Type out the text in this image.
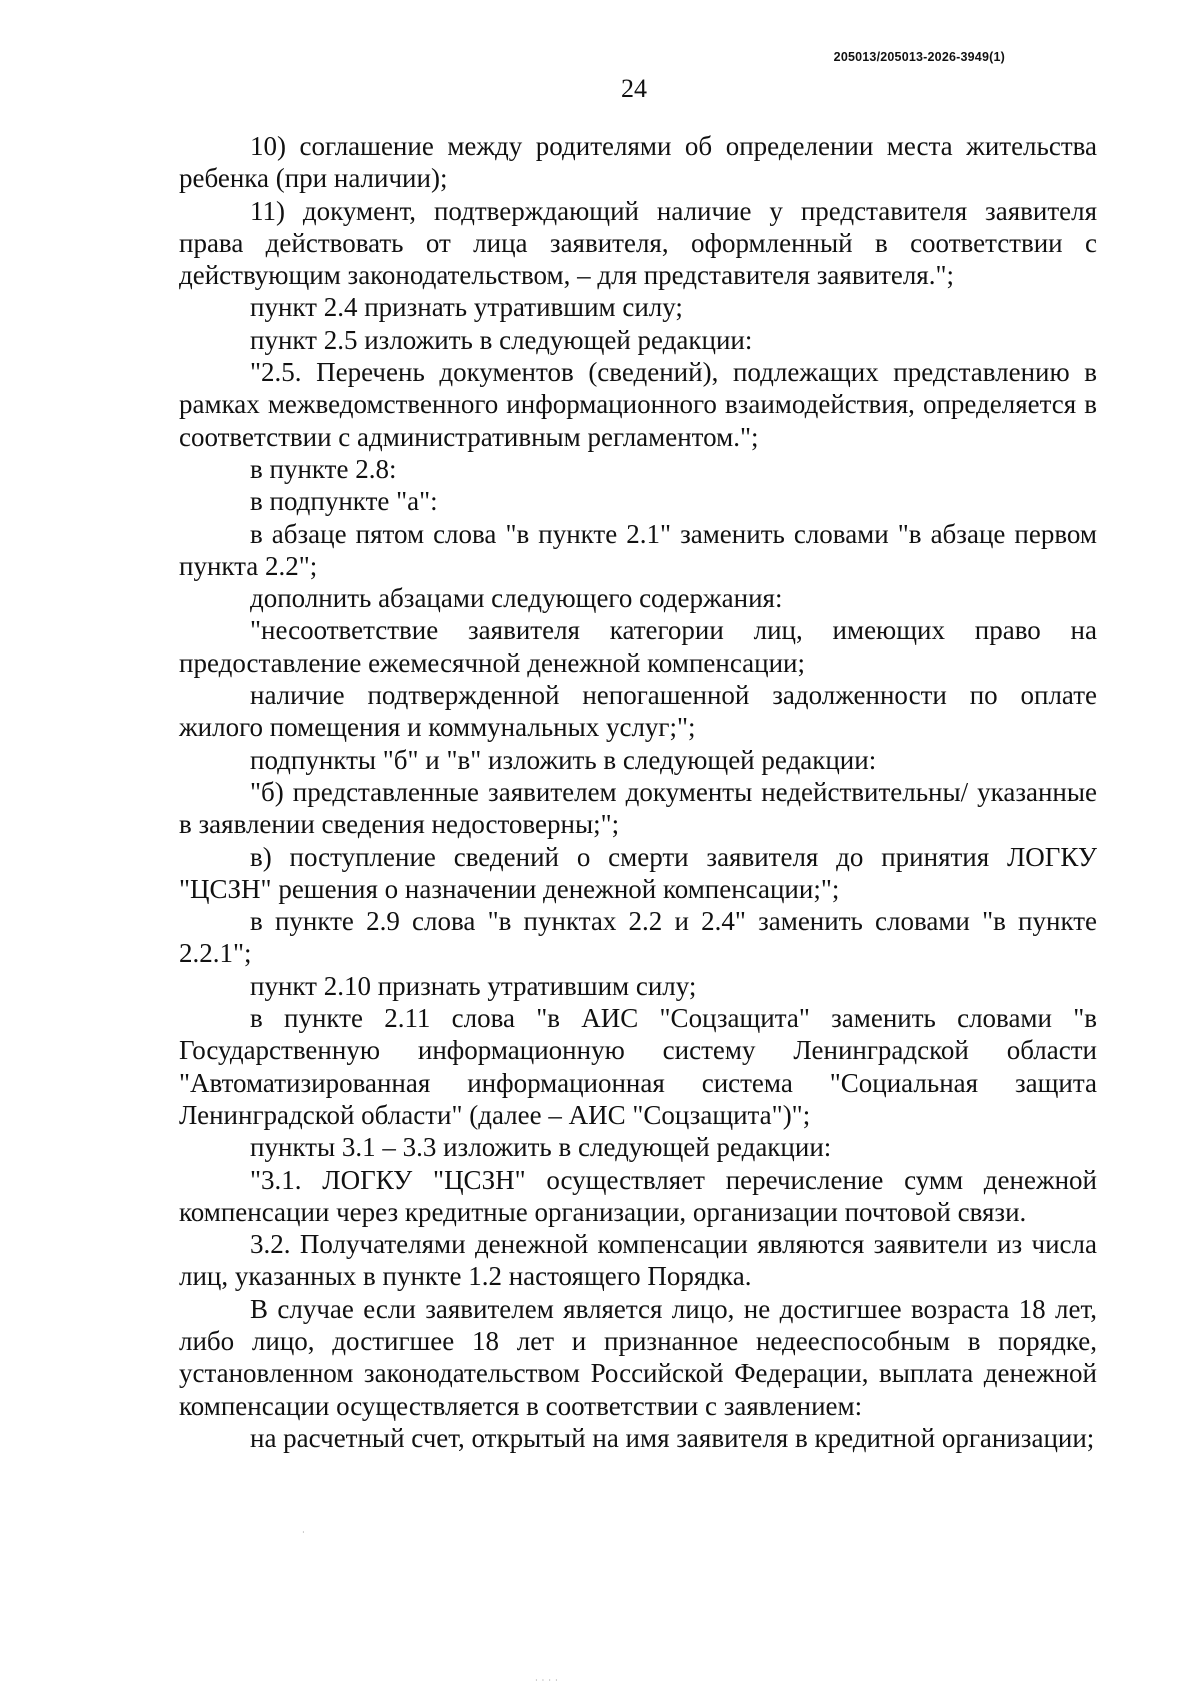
205013/205013-2026-3949(1)
24

10) соглашение между родителями об определении места жительства ребенка (при наличии);

11) документ, подтверждающий наличие у представителя заявителя права действовать от лица заявителя, оформленный в соответствии с действующим законодательством, – для представителя заявителя.";

пункт 2.4 признать утратившим силу;

пункт 2.5 изложить в следующей редакции:

"2.5. Перечень документов (сведений), подлежащих представлению в рамках межведомственного информационного взаимодействия, определяется в соответствии с административным регламентом.";

в пункте 2.8:

в подпункте "а":

в абзаце пятом слова "в пункте 2.1" заменить словами "в абзаце первом пункта 2.2";

дополнить абзацами следующего содержания:

"несоответствие заявителя категории лиц, имеющих право на предоставление ежемесячной денежной компенсации;

наличие подтвержденной непогашенной задолженности по оплате жилого помещения и коммунальных услуг;";

подпункты "б" и "в" изложить в следующей редакции:

"б) представленные заявителем документы недействительны/ указанные в заявлении сведения недостоверны;";

в) поступление сведений о смерти заявителя до принятия ЛОГКУ "ЦСЗН" решения о назначении денежной компенсации;";

в пункте 2.9 слова "в пунктах 2.2 и 2.4" заменить словами "в пункте 2.2.1";

пункт 2.10 признать утратившим силу;

в пункте 2.11 слова "в АИС "Соцзащита" заменить словами "в Государственную информационную систему Ленинградской области "Автоматизированная информационная система "Социальная защита Ленинградской области" (далее – АИС "Соцзащита")";

пункты 3.1 – 3.3 изложить в следующей редакции:

"3.1. ЛОГКУ "ЦСЗН" осуществляет перечисление сумм денежной компенсации через кредитные организации, организации почтовой связи.

3.2. Получателями денежной компенсации являются заявители из числа лиц, указанных в пункте 1.2 настоящего Порядка.

В случае если заявителем является лицо, не достигшее возраста 18 лет, либо лицо, достигшее 18 лет и признанное недееспособным в порядке, установленном законодательством Российской Федерации, выплата денежной компенсации осуществляется в соответствии с заявлением:

на расчетный счет, открытый на имя заявителя в кредитной организации;

·
· · · ·
